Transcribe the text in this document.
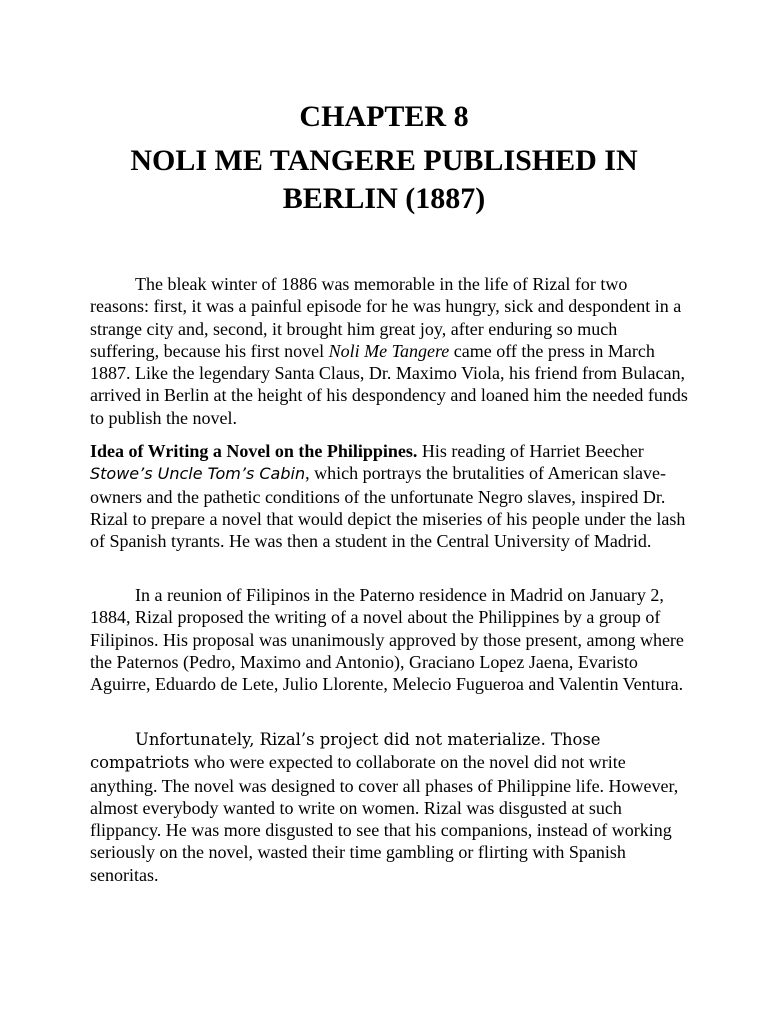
CHAPTER 8
NOLI ME TANGERE PUBLISHED IN
BERLIN (1887)

The bleak winter of 1886 was memorable in the life of Rizal for two reasons: first, it was a painful episode for he was hungry, sick and despondent in a strange city and, second, it brought him great joy, after enduring so much suffering, because his first novel Noli Me Tangere came off the press in March 1887. Like the legendary Santa Claus, Dr. Maximo Viola, his friend from Bulacan, arrived in Berlin at the height of his despondency and loaned him the needed funds to publish the novel.

Idea of Writing a Novel on the Philippines. His reading of Harriet Beecher
Stowe’s Uncle Tom’s Cabin, which portrays the brutalities of American slave-owners and the pathetic conditions of the unfortunate Negro slaves, inspired Dr. Rizal to prepare a novel that would depict the miseries of his people under the lash of Spanish tyrants. He was then a student in the Central University of Madrid.

In a reunion of Filipinos in the Paterno residence in Madrid on January 2, 1884, Rizal proposed the writing of a novel about the Philippines by a group of Filipinos. His proposal was unanimously approved by those present, among where the Paternos (Pedro, Maximo and Antonio), Graciano Lopez Jaena, Evaristo Aguirre, Eduardo de Lete, Julio Llorente, Melecio Fugueroa and Valentin Ventura.

Unfortunately, Rizal’s project did not materialize. Those compatriots who were expected to collaborate on the novel did not write anything. The novel was designed to cover all phases of Philippine life. However, almost everybody wanted to write on women. Rizal was disgusted at such flippancy. He was more disgusted to see that his companions, instead of working seriously on the novel, wasted their time gambling or flirting with Spanish senoritas.
